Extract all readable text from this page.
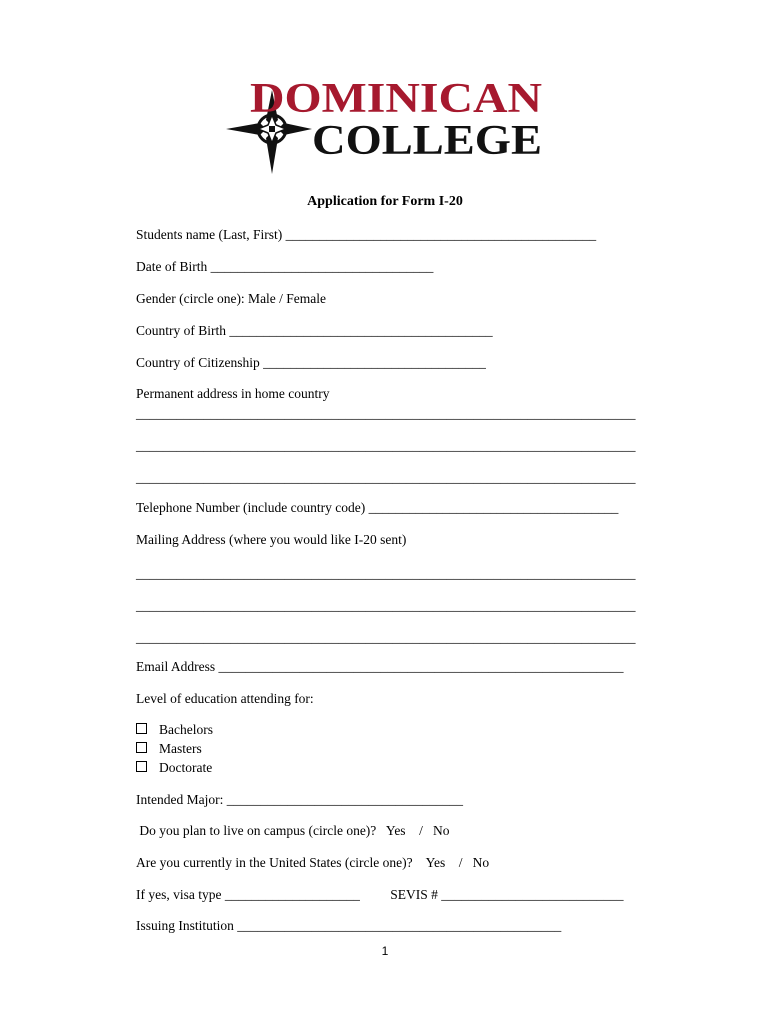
DOMINICAN
COLLEGE
Application for Form I-20
Students name (Last, First) ______________________________________________
Date of Birth _________________________________
Gender (circle one): Male / Female
Country of Birth _______________________________________
Country of Citizenship _________________________________
Permanent address in home country
__________________________________________________________________________
__________________________________________________________________________
__________________________________________________________________________
Telephone Number (include country code) _____________________________________
Mailing Address (where you would like I-20 sent)
__________________________________________________________________________
__________________________________________________________________________
__________________________________________________________________________
Email Address ____________________________________________________________
Level of education attending for:
Bachelors
Masters
Doctorate
Intended Major: ___________________________________
Do you plan to live on campus (circle one)?   Yes    /   No
Are you currently in the United States (circle one)?    Yes    /   No
If yes, visa type ____________________         SEVIS # ___________________________
Issuing Institution ________________________________________________
1
